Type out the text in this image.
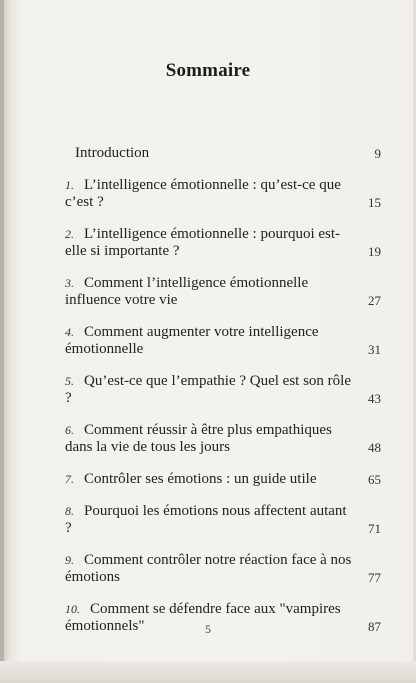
Sommaire
Introduction	9
1. L’intelligence émotionnelle : qu’est-ce que c’est ?	15
2. L’intelligence émotionnelle : pourquoi est-elle si importante ?	19
3. Comment l’intelligence émotionnelle influence votre vie	27
4. Comment augmenter votre intelligence émotionnelle	31
5. Qu’est-ce que l’empathie ? Quel est son rôle ?	43
6. Comment réussir à être plus empathiques dans la vie de tous les jours	48
7. Contrôler ses émotions : un guide utile	65
8. Pourquoi les émotions nous affectent autant ?	71
9. Comment contrôler notre réaction face à nos émotions	77
10. Comment se défendre face aux "vampires émotionnels"	87
5
